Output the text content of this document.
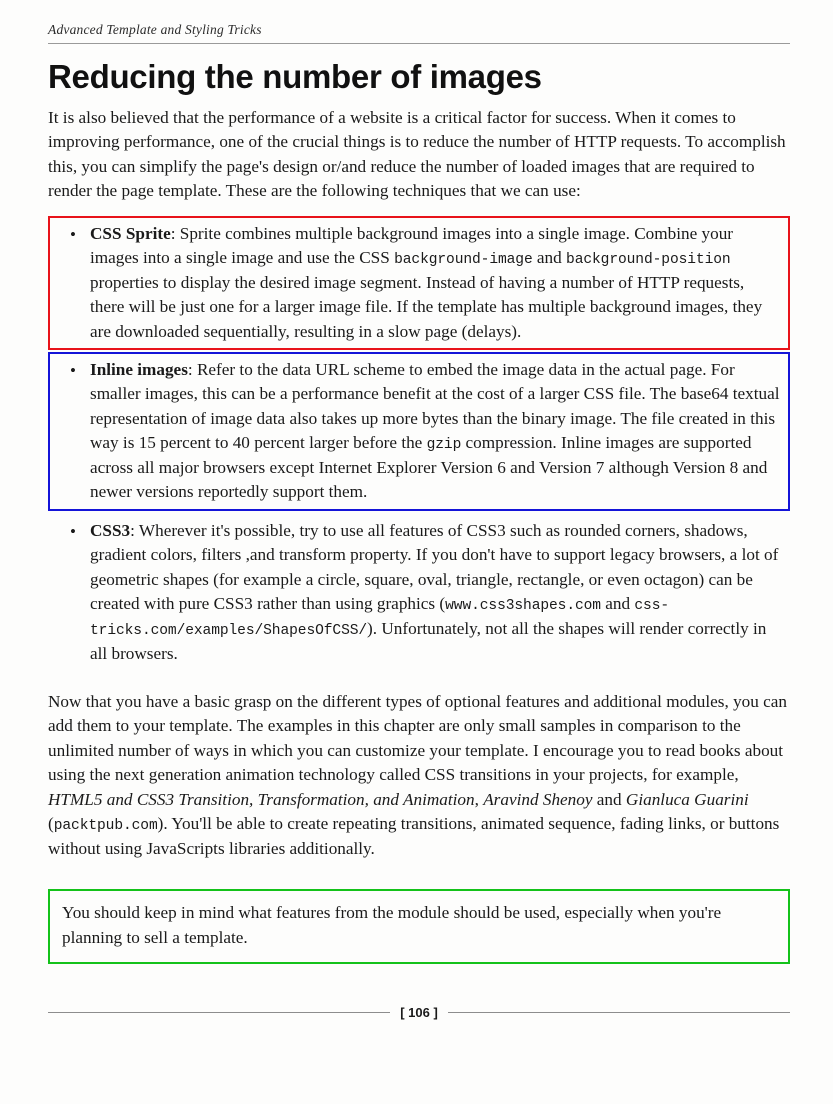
Advanced Template and Styling Tricks
Reducing the number of images

It is also believed that the performance of a website is a critical factor for success. When it comes to improving performance, one of the crucial things is to reduce the number of HTTP requests. To accomplish this, you can simplify the page's design or/and reduce the number of loaded images that are required to render the page template. These are the following techniques that we can use:

• CSS Sprite: Sprite combines multiple background images into a single image. Combine your images into a single image and use the CSS background-image and background-position properties to display the desired image segment. Instead of having a number of HTTP requests, there will be just one for a larger image file. If the template has multiple background images, they are downloaded sequentially, resulting in a slow page (delays).
• Inline images: Refer to the data URL scheme to embed the image data in the actual page. For smaller images, this can be a performance benefit at the cost of a larger CSS file. The base64 textual representation of image data also takes up more bytes than the binary image. The file created in this way is 15 percent to 40 percent larger before the gzip compression. Inline images are supported across all major browsers except Internet Explorer Version 6 and Version 7 although Version 8 and newer versions reportedly support them.
• CSS3: Wherever it's possible, try to use all features of CSS3 such as rounded corners, shadows, gradient colors, filters ,and transform property. If you don't have to support legacy browsers, a lot of geometric shapes (for example a circle, square, oval, triangle, rectangle, or even octagon) can be created with pure CSS3 rather than using graphics (www.css3shapes.com and css-tricks.com/examples/ShapesOfCSS/). Unfortunately, not all the shapes will render correctly in all browsers.

Now that you have a basic grasp on the different types of optional features and additional modules, you can add them to your template. The examples in this chapter are only small samples in comparison to the unlimited number of ways in which you can customize your template. I encourage you to read books about using the next generation animation technology called CSS transitions in your projects, for example, HTML5 and CSS3 Transition, Transformation, and Animation, Aravind Shenoy and Gianluca Guarini (packtpub.com). You'll be able to create repeating transitions, animated sequence, fading links, or buttons without using JavaScripts libraries additionally.

You should keep in mind what features from the module should be used, especially when you're planning to sell a template.

[ 106 ]
